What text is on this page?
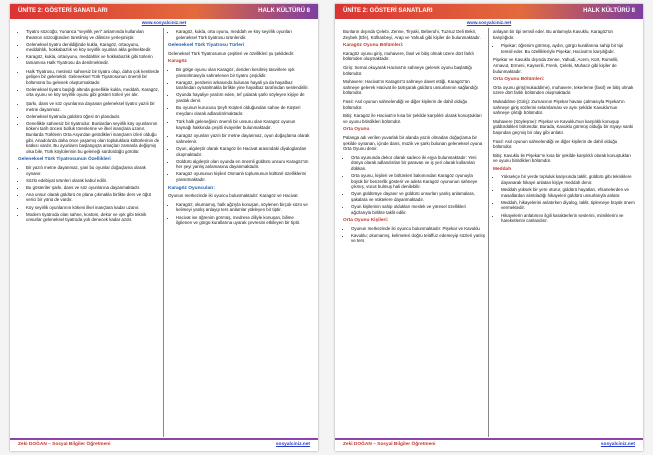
ÜNİTE 2: GÖSTERİ SANATLARI	HALK KÜLTÜRÜ 8
www.sosyalciniz.net
• Tiyatro sözcüğü, Yunanca "seyirlik yeri" anlamında kullanılan theatron sözcüğünden türetilmiş ve dilimize yerleşmiştir.
• Geleneksel tiyatro denildiğinde kukla, Karagöz, ortaoyunu, meddahlık, hokkabazlık ve köy seyirlik oyunları akla gelmektedir.
• Karagöz, kukla, ortaoyunu, meddahlık ve hokkabazlık gibi türlerin tamamına Halk Tiyatrosu da denilmektedir.
• Halk Tiyatrosu, metinsiz sahnesiz bir tiyatro olup, daha çok kentlerde gelişen bir gelenektir. Geleneksel Türk Tiyatrosunun önemli bir bölümünü bu gelenek oluşturmaktadır.
• Geleneksel tiyatro başlığı altında genellikle kukla, meddah, Karagöz, orta oyunu ve köy seyirlik oyunu gibi gösteri türleri yer alır.
• Şarkı, dans ve söz oyunlarına dayanan geleneksel tiyatro yazılı bir metne dayanmaz.
• Geleneksel tiyatroda güldürü öğesi ön plandadır.
• Genellikle sahnesiz bir tiyatrodur. Bunlardan seyirlik köy oyunlarının kökeni tarih öncesi bolluk törenlerine ve ilkel inançlara uzanır. Bunlarda Türklerin Orta Asya'dan getirdikleri inançların izleri olduğu gibi, Anadolu'da daha önce yaşamış olan topluluklara kültürlerinin de katkısı vardır. Bu oyunların başlangıçta amaçları zamanla değişmiş olsa bile, Türk köylülerinin bu geleneği sürdürdüğü görülür.
Geleneksel Türk Tiyatrosunun Özellikleri
• Bir yazılı metne dayanmaz, yani bu oyunlar doğaçlama olarak oynanır.
• Sözlü edebiyat ürünleri olarak kabul edilir.
• Bu gösteriler şarkı, dans ve söz oyunlarına dayanmaktadır.
• Ana unsur olarak güldürü ön plana çıkmakla birlikte ders ve öğüt verici bir yönü de vardır.
• Köy seyirlik oyunlarının kökeni ilkel inançlara kadar uzanır.
• Modern tiyatroda olan sahne, kostüm, dekor ve ışık gibi teknik unsurlar geleneksel tiyatroda yok denecek kadar azdır.
• Karagöz, kukla, orta oyunu, meddah ve köy seyirlik oyunları geleneksel Türk tiyatrosu ürünleridir.
Geleneksel Türk Tiyatrosu Türleri

Geleneksel Türk Tiyatrosunun çeşitleri ve özellikleri şu şekildedir:

Karagöz
• Bir gölge oyunu olan Karagöz, deriden kesilmiş tasvirlere ışık yansıtılmasıyla sahnelenen bir tiyatro çeşididir.
• Karagöz, perdenin arkasında bulunan hayali ya da hayalbaz tarafından oynatılmakla birlikte yine hayalbaz tarafından seslendirilir.
• Oyunda hayaliye yardım eden, tef çalarak şarkı söyleyen kişiye de yardak denir.
• Bu oyunun kurucusu Şeyh Küşteri olduğundan sahne de Küşteri meydanı olarak adlandırılmaktadır.
• Türk halk geleneğinin önemli bir unsuru olan Karagöz oyunun kaynağı hakkında çeşitli rivayetler bulunmaktadır.
• Karagöz oyunları yazılı bir metne dayanmaz, oyun doğaçlama olarak sahnelenir.
• Oyun, algıleştir olarak Karagöz ile Hacivat arasındaki diyaloglardan oluşmaktadır.
• Güldürü algıleştir olan oyunda en önemli güldürü unsuru Karagöz'ün her şeyi yanlış anlamasına dayanmaktadır.
• Karagöz oyununun kişileri Osmanlı toplumunun kültürel özelliklerini yansıtmaktadır.
Karagöz Oyuncuları:

Oyunun merkezinde iki oyuncu bulunmaktadır: Karagöz ve Hacivat

• Karagöz; okumamış, halk ağzıyla konuşan, söylenen birçok sözü ve kelimeyi yanlış anlayıp ters anlamlar yükleyen bir tiptir.
• Hacivat ise öğrenim görmüş, medrese diliyle konuşan, bilime ilgilenen ve görgü kurallarına uyarak çevresini etkileyen bir tiptir.
Zeki DOĞAN – Sosyal Bilgiler Öğretmeni	sosyalciniz.net
ÜNİTE 2: GÖSTERİ SANATLARI	HALK KÜLTÜRÜ 8
www.sosyalciniz.net

Bunların dışında Çelebi, Zenne, Tiryaki, Beberuhi, Tuzsuz Deli Bekir, Zeybek (Efe), Külhanbeyi, Arap ve Yahudi gibi kişiler de bulunmaktadır.

Karagöz Oyunu Bölümleri:

Karagöz oyunu giriş, muhavere, fasıl ve bitiş olmak üzere dört farklı bölümden oluşmaktadır.

Giriş: Semai okuyarak Hacivat'ın sahneye gelerek oyunu başlattığı bölümdür.

Muhavere: Hacivat'ın Karagöz'ü sahneye davet ettiği, Karagöz'ün sahneye gelerek Hacivat ile tartışarak güldürü unsurlarının sağlandığı bölümdür.

Fasıl: Asıl oyunun sahnelendiği ve diğer kişilerin de dahil olduğu bölümdür.

Bitiş: Karagöz ile Hacivat'ın kısa bir şekilde karşılıklı olarak konuştukları ve oyunu bitirdikleri bölümdür.

Orta Oyunu

Palanga adı verilen yuvarlak bir alanda yazılı olmadan doğaçlama bir şekilde oynanan, içinde dans, müzik ve şarkı bulunan geleneksel oyuna Orta Oyunu denir.

• Orta oyununda dekor olarak sadece iki eşya bulunmaktadır: Yeni dünya olarak adlandırılan bir paravan ve iş yeri olarak kullanılan dükkan.
• Orta oyunu, kişileri ve bölümleri bakımından Karagöz oyunuyla büyük bir benzerlik gösterir ve adeta Karagöz oyununun sahneye çıkmış, vücut bulmuş hali denilebilir.
• Oyun güldürüye dayanır ve güldürü unsurları yanlış anlamalara, şakalara ve nüktelere dayanmaktadır.
• Oyun kişilerinin sahip oldukları meslek ve yöresel özellikleri ağızlarıyla birlikte taklit edilir.
Orta Oyunu Kişileri:
• Oyunun merkezinde iki oyuncu bulunmaktadır: Pişekar ve Kavuklu
• Kavuklu; okumamış, kelimeleri doğru telaffuz edemeyip sözleri yanlış ve ters

anlayan bir tipi temsil eder. Bu anlamıyla Kavuklu, Karagöz'ün karşılığıdır.

• Pişekar; öğrenim görmüş, aydın, görgü kurallarına sahip bir tipi temsil eder. Bu özellikleriyle Pişekar, Hacivat'ın karşılığıdır.

Pişekar ve Kavuklu dışında Zenne, Yahudi, Acem, Kürt, Rumelili, Arnavut, Ermeni, Kayserili, Frenk, Çelebi, Muhacir gibi kişiler de bulunmaktadır.

Orta Oyunu Bölümleri:

Orta oyunu giriş(mukaddime), muhavere, tekerleme (fasıl) ve bitiş olmak üzere dört farklı bölümden oluşmaktadır.

Mukaddime (Giriş): Zurnacının Pişekar havası çalmasıyla Pişekar'ın sahneye giriş sözlerini selamlaması ve aynı şekilde Kavuklu'nun sahneye çıktığı bölümdür.

Muhavere (Söyleşme): Pişekar ve Kavuklu'nun karşılıklı konuşup güldürdükleri bölümdür. Burada, Kavuklu görmüş olduğu bir rüyayı sanki başından geçmiş bir olay gibi anlatır.

Fasıl: Asıl oyunun sahnelendiği ve diğer kişilerin de dahil olduğu bölümdür.

Bitiş: Kavuklu ile Pişekar'ın kısa bir şekilde karşılıklı olarak konuştukları ve oyunu bitirdikleri bölümdür.

Meddah
• Yüksekçe bir yerde topluluk karşısında taklit, güldürü gibi tekniklere dayanarak hikaye anlatan kişiye meddah denir.
• Meddah yüksek bir yere oturur, güldürü hayatları, efsanelerden ve masallardan alıntıladığı hikayeleri güldürü unsurlarıyla anlatır.
• Meddah, hikayelerini anlatırken diyalog, taklit, tiplemeye büyük önem vermektedir.
• Hikayelerin anlatımını ilgili karakterlerin seslerini, mimiklerini ve hareketlerini canlandırır.
Zeki DOĞAN – Sosyal Bilgiler Öğretmeni	sosyalciniz.net
